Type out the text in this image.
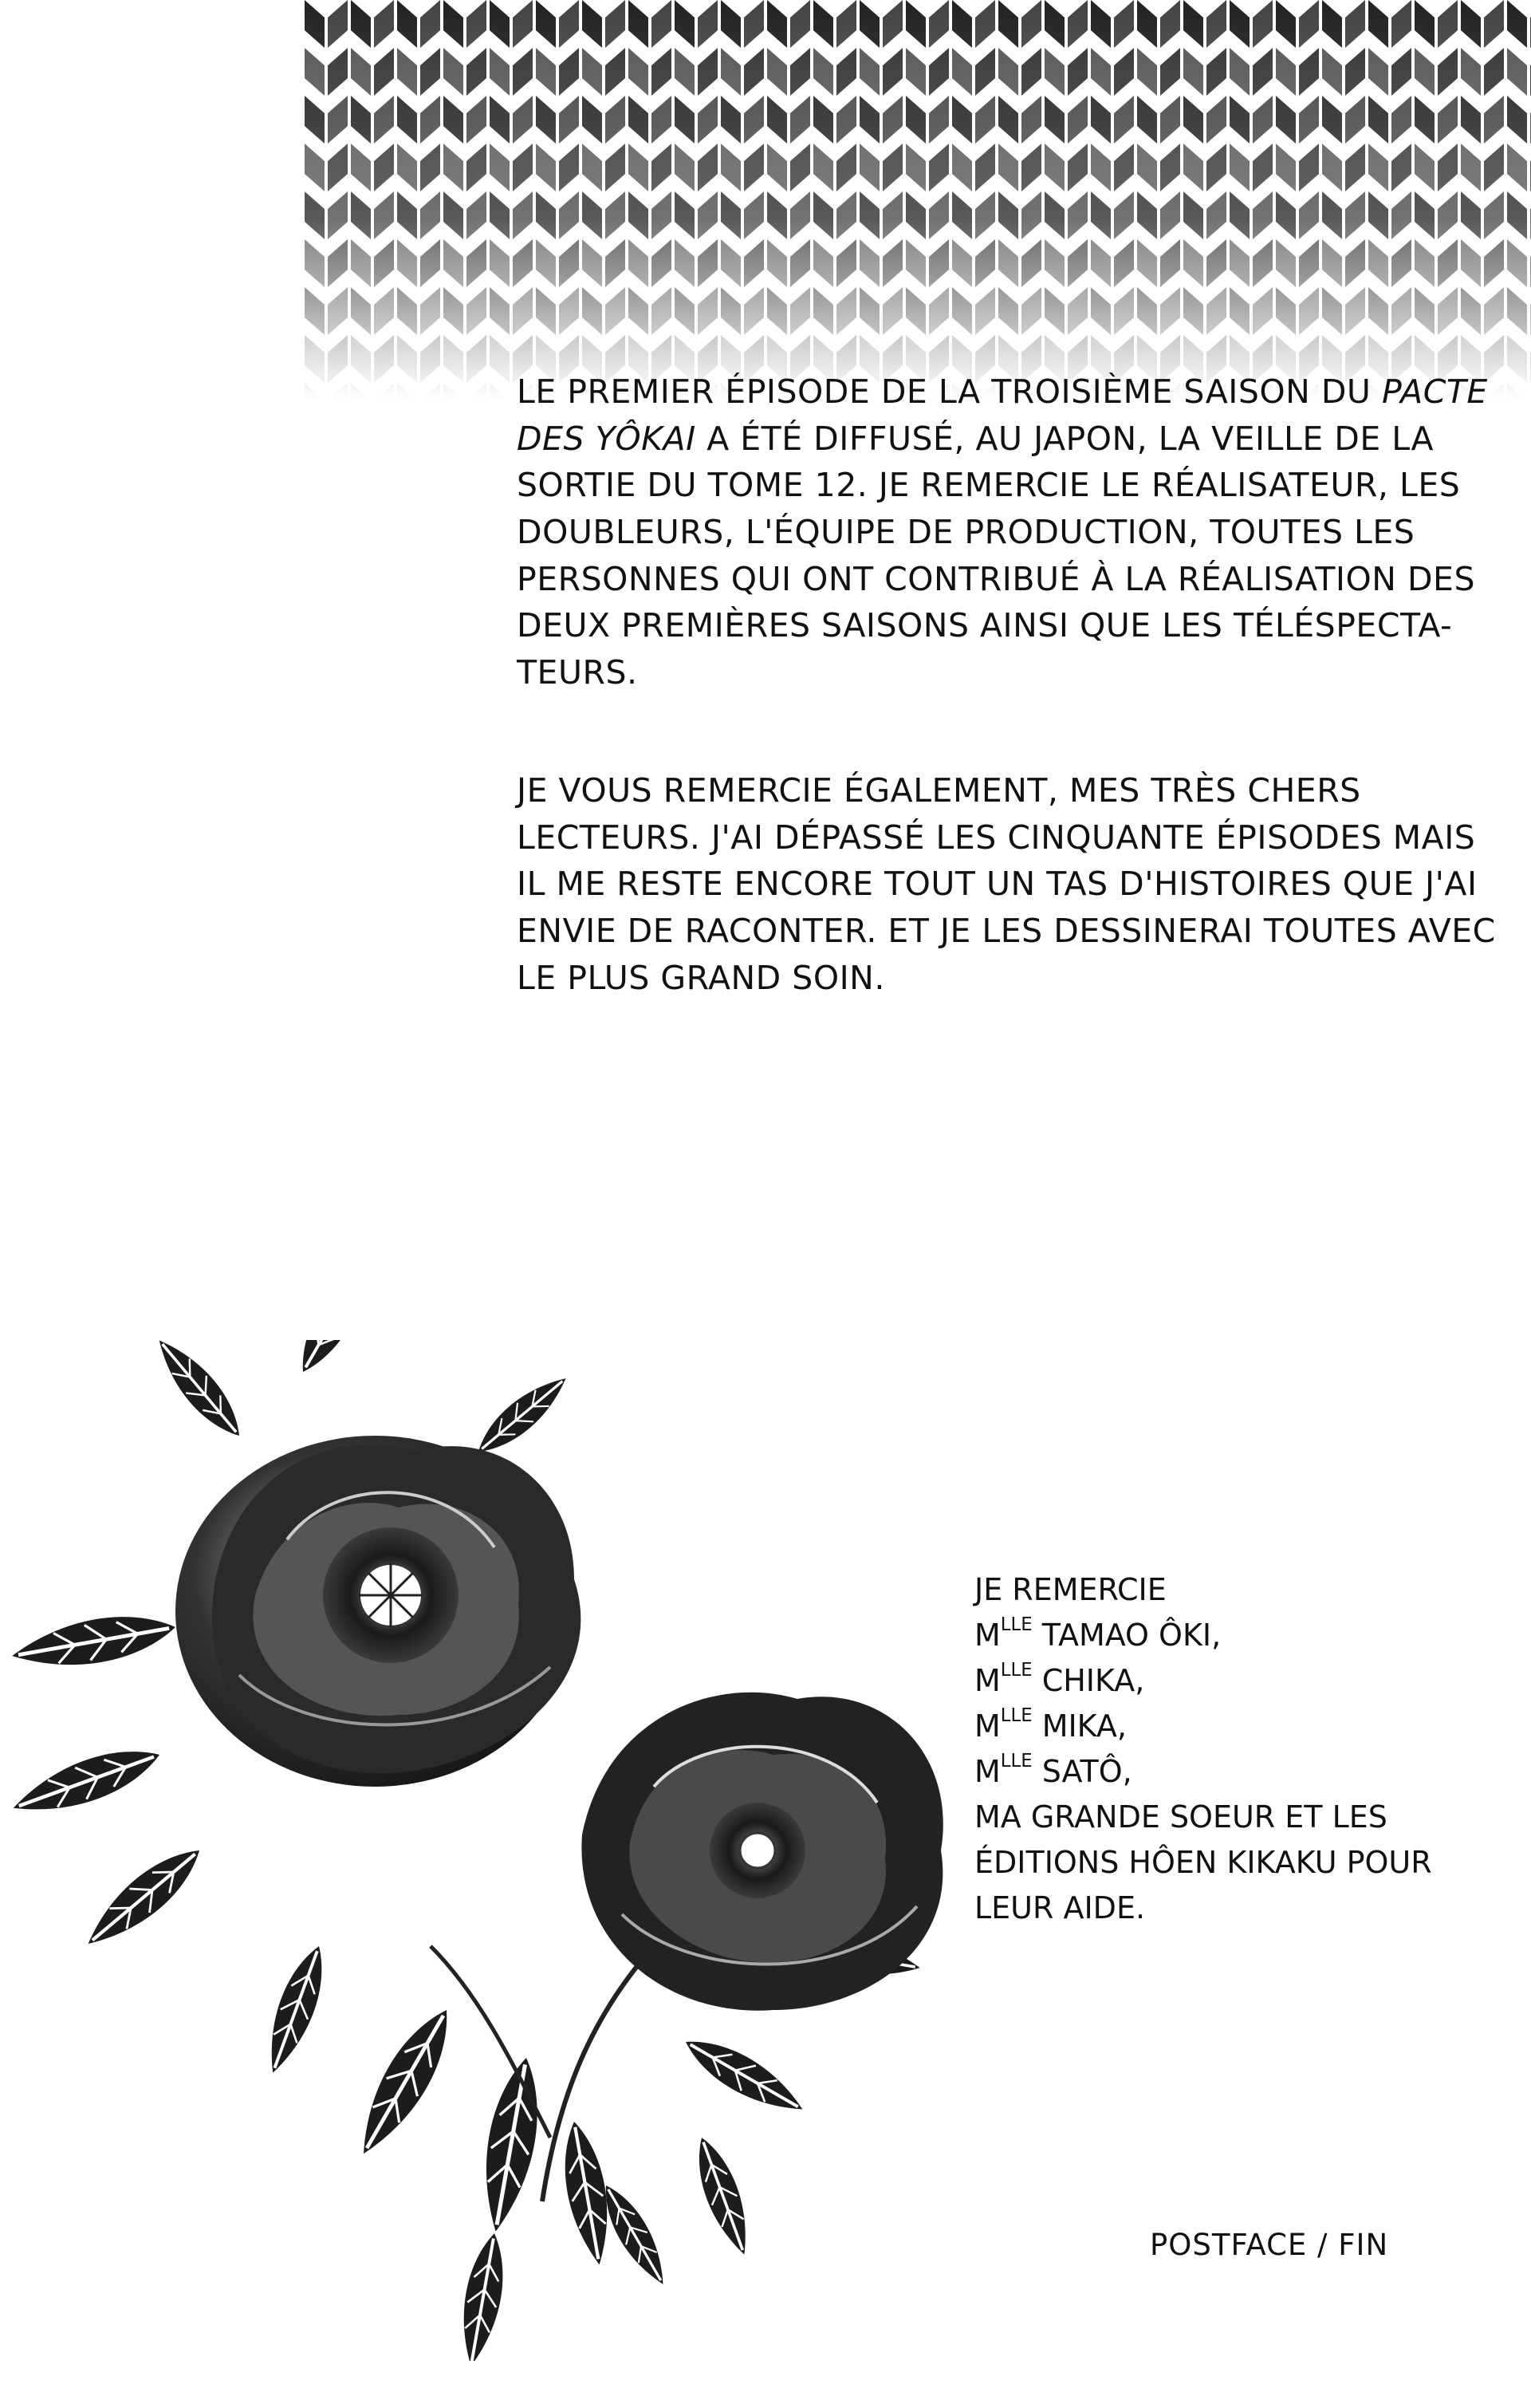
LE PREMIER ÉPISODE DE LA TROISIÈME SAISON DU PACTE
DES YÔKAI A ÉTÉ DIFFUSÉ, AU JAPON, LA VEILLE DE LA
SORTIE DU TOME 12. JE REMERCIE LE RÉALISATEUR, LES
DOUBLEURS, L'ÉQUIPE DE PRODUCTION, TOUTES LES
PERSONNES QUI ONT CONTRIBUÉ À LA RÉALISATION DES
DEUX PREMIÈRES SAISONS AINSI QUE LES TÉLÉSPECTA-
TEURS.
JE VOUS REMERCIE ÉGALEMENT, MES TRÈS CHERS
LECTEURS. J'AI DÉPASSÉ LES CINQUANTE ÉPISODES MAIS
IL ME RESTE ENCORE TOUT UN TAS D'HISTOIRES QUE J'AI
ENVIE DE RACONTER. ET JE LES DESSINERAI TOUTES AVEC
LE PLUS GRAND SOIN.
JE REMERCIE
$M^{LLE}$ TAMAO ÔKI,
$M^{LLE}$ CHIKA,
$M^{LLE}$ MIKA,
$M^{LLE}$ SATÔ,
MA GRANDE SOEUR ET LES
ÉDITIONS HÔEN KIKAKU POUR
LEUR AIDE.
POSTFACE / FIN
